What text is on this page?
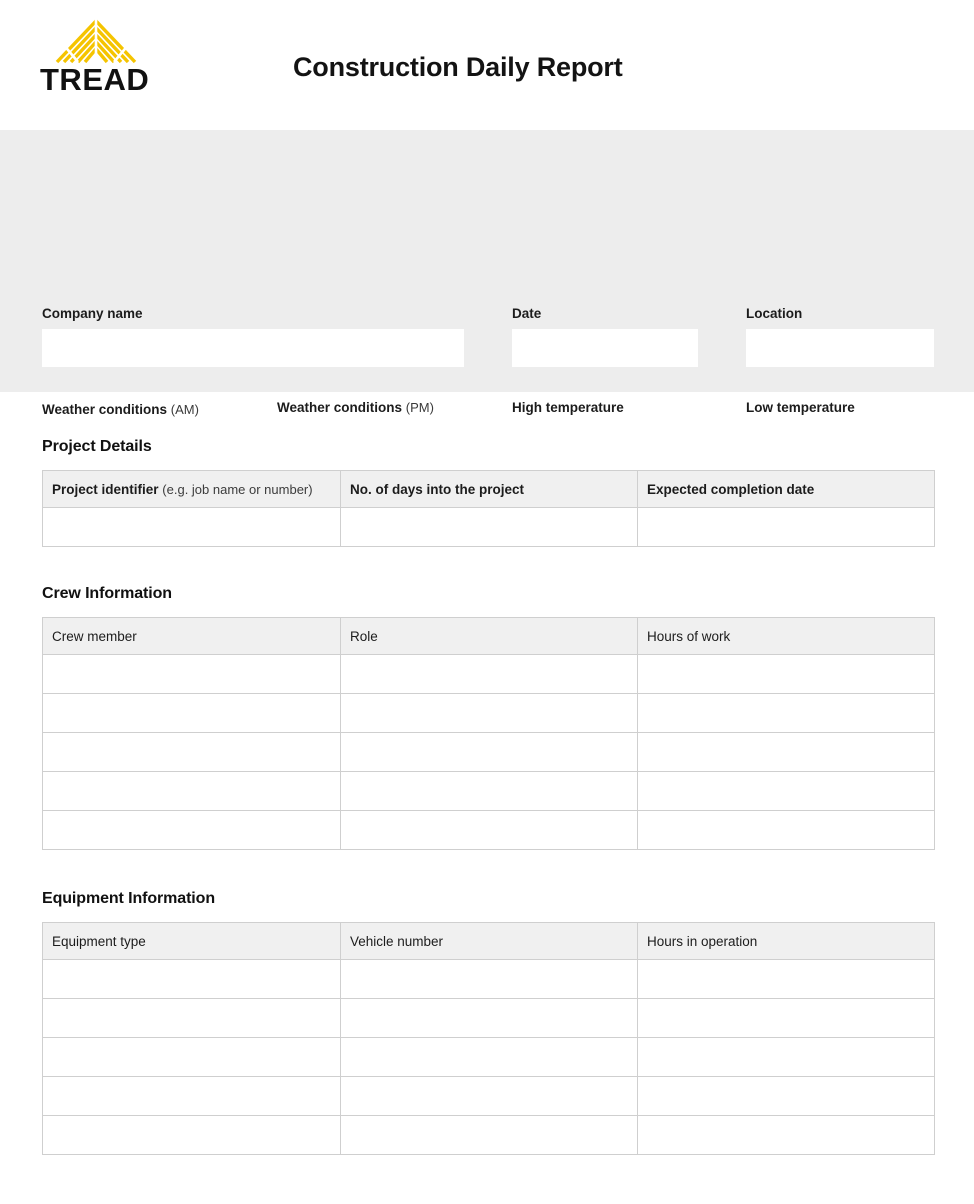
TREAD	Construction Daily Report
Company name	Date	Location
Weather conditions (AM)	Weather conditions (PM)	High temperature	Low temperature
Project Details
Project identifier (e.g. job name or number)	No. of days into the project	Expected completion date

Crew Information
Crew member	Role	Hours of work

Equipment Information
Equipment type	Vehicle number	Hours in operation
